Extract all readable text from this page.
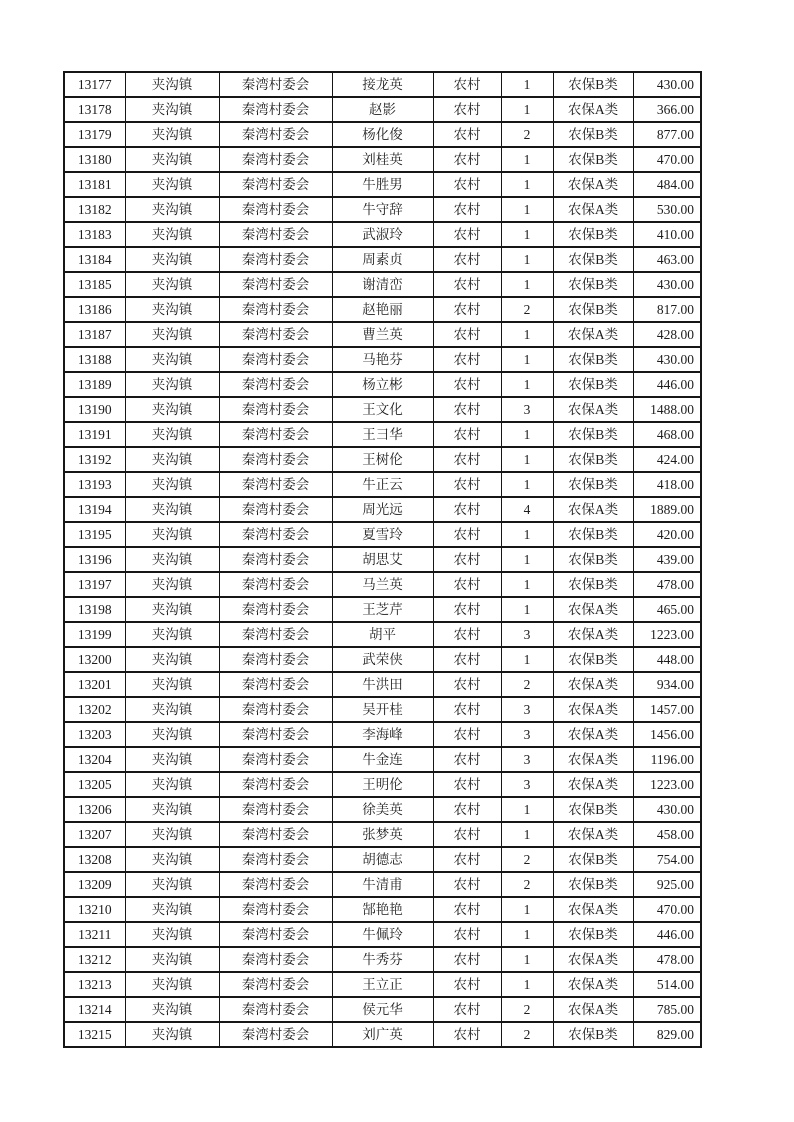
13177	夹沟镇	秦湾村委会	接龙英	农村	1	农保B类	430.00
13178	夹沟镇	秦湾村委会	赵影	农村	1	农保A类	366.00
13179	夹沟镇	秦湾村委会	杨化俊	农村	2	农保B类	877.00
13180	夹沟镇	秦湾村委会	刘桂英	农村	1	农保B类	470.00
13181	夹沟镇	秦湾村委会	牛胜男	农村	1	农保A类	484.00
13182	夹沟镇	秦湾村委会	牛守辞	农村	1	农保A类	530.00
13183	夹沟镇	秦湾村委会	武淑玲	农村	1	农保B类	410.00
13184	夹沟镇	秦湾村委会	周素贞	农村	1	农保B类	463.00
13185	夹沟镇	秦湾村委会	谢清峦	农村	1	农保B类	430.00
13186	夹沟镇	秦湾村委会	赵艳丽	农村	2	农保B类	817.00
13187	夹沟镇	秦湾村委会	曹兰英	农村	1	农保A类	428.00
13188	夹沟镇	秦湾村委会	马艳芬	农村	1	农保B类	430.00
13189	夹沟镇	秦湾村委会	杨立彬	农村	1	农保B类	446.00
13190	夹沟镇	秦湾村委会	王文化	农村	3	农保A类	1488.00
13191	夹沟镇	秦湾村委会	王彐华	农村	1	农保B类	468.00
13192	夹沟镇	秦湾村委会	王树伦	农村	1	农保B类	424.00
13193	夹沟镇	秦湾村委会	牛正云	农村	1	农保B类	418.00
13194	夹沟镇	秦湾村委会	周光远	农村	4	农保A类	1889.00
13195	夹沟镇	秦湾村委会	夏雪玲	农村	1	农保B类	420.00
13196	夹沟镇	秦湾村委会	胡思艾	农村	1	农保B类	439.00
13197	夹沟镇	秦湾村委会	马兰英	农村	1	农保B类	478.00
13198	夹沟镇	秦湾村委会	王芝芹	农村	1	农保A类	465.00
13199	夹沟镇	秦湾村委会	胡平	农村	3	农保A类	1223.00
13200	夹沟镇	秦湾村委会	武荣侠	农村	1	农保B类	448.00
13201	夹沟镇	秦湾村委会	牛洪田	农村	2	农保A类	934.00
13202	夹沟镇	秦湾村委会	吴开桂	农村	3	农保A类	1457.00
13203	夹沟镇	秦湾村委会	李海峰	农村	3	农保A类	1456.00
13204	夹沟镇	秦湾村委会	牛金连	农村	3	农保A类	1196.00
13205	夹沟镇	秦湾村委会	王明伦	农村	3	农保A类	1223.00
13206	夹沟镇	秦湾村委会	徐美英	农村	1	农保B类	430.00
13207	夹沟镇	秦湾村委会	张梦英	农村	1	农保A类	458.00
13208	夹沟镇	秦湾村委会	胡德志	农村	2	农保B类	754.00
13209	夹沟镇	秦湾村委会	牛清甫	农村	2	农保B类	925.00
13210	夹沟镇	秦湾村委会	郜艳艳	农村	1	农保A类	470.00
13211	夹沟镇	秦湾村委会	牛佩玲	农村	1	农保B类	446.00
13212	夹沟镇	秦湾村委会	牛秀芬	农村	1	农保A类	478.00
13213	夹沟镇	秦湾村委会	王立正	农村	1	农保A类	514.00
13214	夹沟镇	秦湾村委会	侯元华	农村	2	农保A类	785.00
13215	夹沟镇	秦湾村委会	刘广英	农村	2	农保B类	829.00
